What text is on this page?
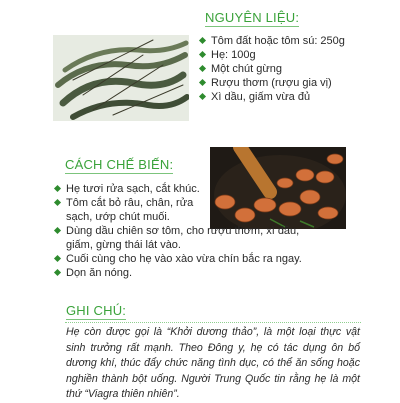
NGUYÊN LIỆU:
Tôm đất hoặc tôm sú: 250g
Hẹ: 100g
Một chút gừng
Rượu thơm (rượu gia vị)
Xì dầu, giấm vừa đủ
CÁCH CHẾ BIẾN:
Hẹ tươi rửa sạch, cắt khúc.
Tôm cắt bỏ râu, chân, rửa sạch, ướp chút muối.
Dùng dầu chiên sơ tôm, cho rượu thơm, xì dầu, giấm, gừng thái lát vào.
Cuối cùng cho hẹ vào xào vừa chín bắc ra ngay.
Dọn ăn nóng.
GHI CHÚ:

Hẹ còn được gọi là “Khởi dương thảo”, là một loại thực vật sinh trưởng rất mạnh. Theo Đông y, hẹ có tác dụng ôn bổ dương khí, thúc đẩy chức năng tình dục, có thể ăn sống hoặc nghiền thành bột uống. Người Trung Quốc tin rằng hẹ là một thứ “Viagra thiên nhiên”.
